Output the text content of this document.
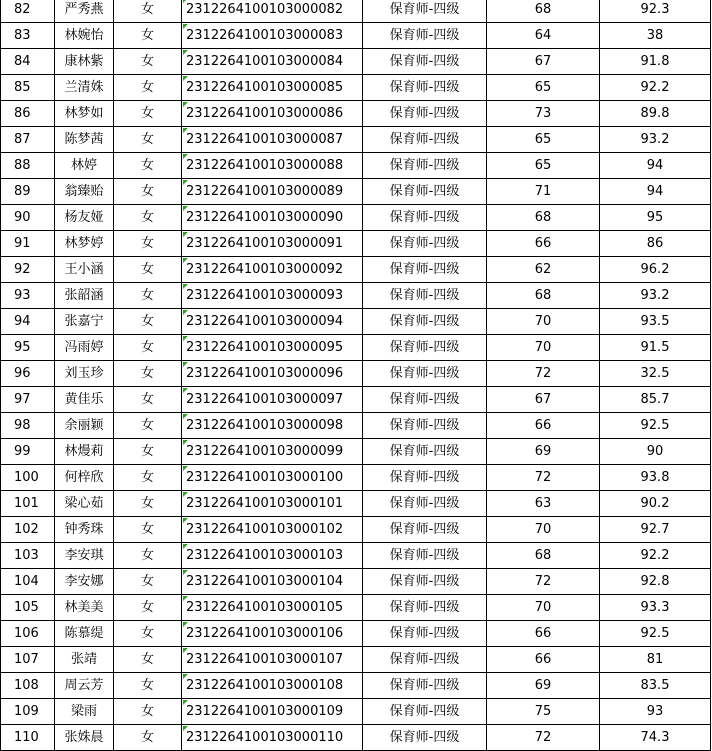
82	严秀燕	女	2312264100103000082	保育师-四级	68	92.3
83	林婉怡	女	2312264100103000083	保育师-四级	64	38
84	康林紫	女	2312264100103000084	保育师-四级	67	91.8
85	兰清姝	女	2312264100103000085	保育师-四级	65	92.2
86	林梦如	女	2312264100103000086	保育师-四级	73	89.8
87	陈梦茜	女	2312264100103000087	保育师-四级	65	93.2
88	林婷	女	2312264100103000088	保育师-四级	65	94
89	翁臻贻	女	2312264100103000089	保育师-四级	71	94
90	杨友娅	女	2312264100103000090	保育师-四级	68	95
91	林梦婷	女	2312264100103000091	保育师-四级	66	86
92	王小涵	女	2312264100103000092	保育师-四级	62	96.2
93	张韶涵	女	2312264100103000093	保育师-四级	68	93.2
94	张嘉宁	女	2312264100103000094	保育师-四级	70	93.5
95	冯雨婷	女	2312264100103000095	保育师-四级	70	91.5
96	刘玉珍	女	2312264100103000096	保育师-四级	72	32.5
97	黄佳乐	女	2312264100103000097	保育师-四级	67	85.7
98	余丽颖	女	2312264100103000098	保育师-四级	66	92.5
99	林熳莉	女	2312264100103000099	保育师-四级	69	90
100	何梓欣	女	2312264100103000100	保育师-四级	72	93.8
101	梁心茹	女	2312264100103000101	保育师-四级	63	90.2
102	钟秀珠	女	2312264100103000102	保育师-四级	70	92.7
103	李安琪	女	2312264100103000103	保育师-四级	68	92.2
104	李安娜	女	2312264100103000104	保育师-四级	72	92.8
105	林美美	女	2312264100103000105	保育师-四级	70	93.3
106	陈慕缇	女	2312264100103000106	保育师-四级	66	92.5
107	张靖	女	2312264100103000107	保育师-四级	66	81
108	周云芳	女	2312264100103000108	保育师-四级	69	83.5
109	梁雨	女	2312264100103000109	保育师-四级	75	93
110	张姝晨	女	2312264100103000110	保育师-四级	72	74.3
